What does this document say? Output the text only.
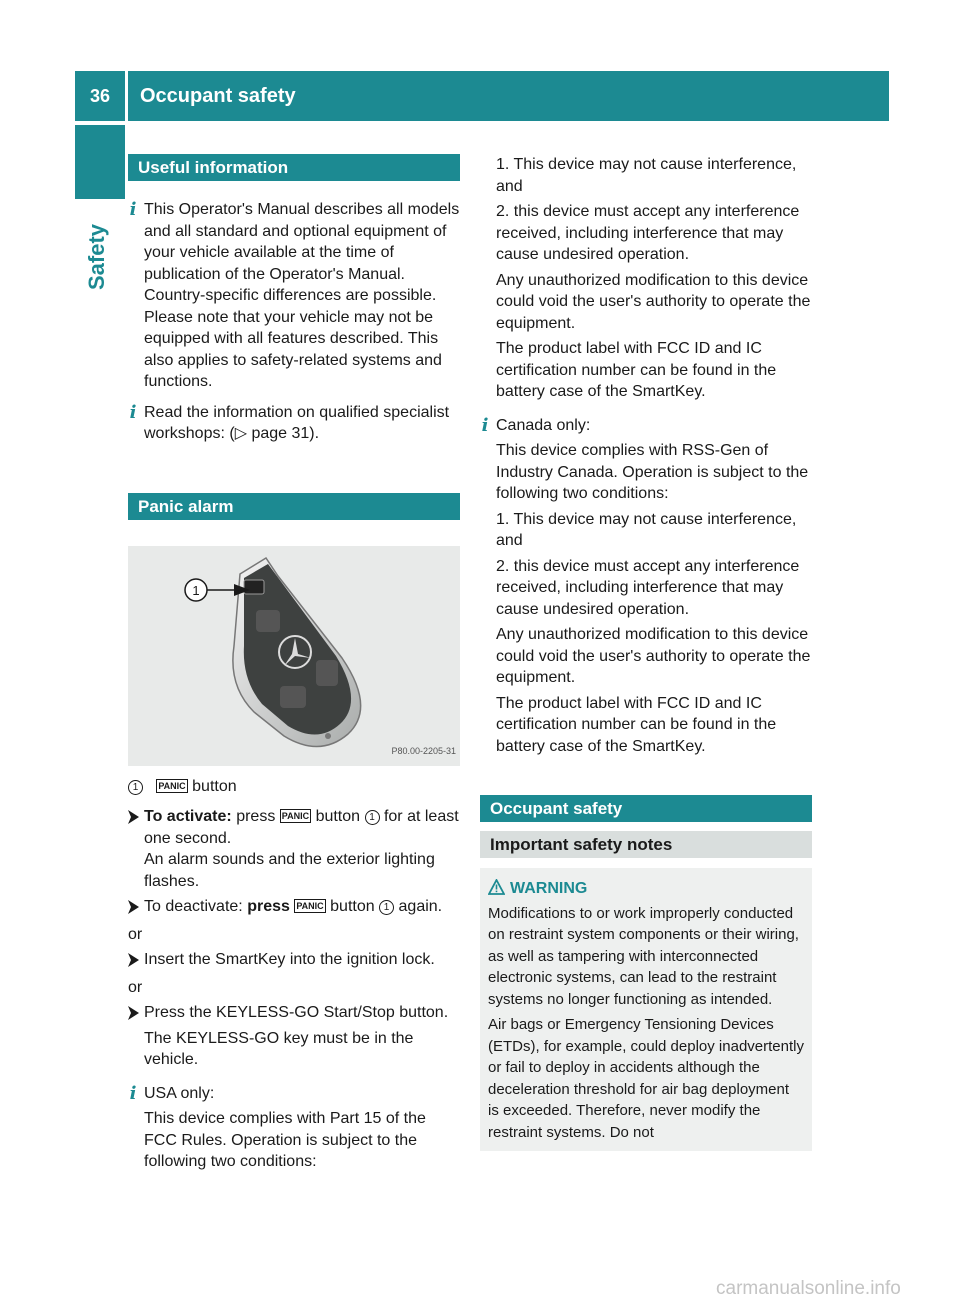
36	Occupant safety
Safety
Useful information
i This Operator's Manual describes all models and all standard and optional equipment of your vehicle available at the time of publication of the Operator's Manual. Country-specific differences are possible. Please note that your vehicle may not be equipped with all features described. This also applies to safety-related systems and functions.
i Read the information on qualified specialist workshops: (▷ page 31).
Panic alarm
1
P80.00-2205-31
1 PANIC button
To activate: press PANIC button 1 for at least one second.
An alarm sounds and the exterior lighting flashes.
To deactivate: press PANIC button 1 again.
or
Insert the SmartKey into the ignition lock.
or
Press the KEYLESS-GO Start/Stop button.
The KEYLESS-GO key must be in the vehicle.
i USA only:
This device complies with Part 15 of the FCC Rules. Operation is subject to the following two conditions:
1. This device may not cause interference, and
2. this device must accept any interference received, including interference that may cause undesired operation.
Any unauthorized modification to this device could void the user's authority to operate the equipment.
The product label with FCC ID and IC certification number can be found in the battery case of the SmartKey.
i Canada only:
This device complies with RSS-Gen of Industry Canada. Operation is subject to the following two conditions:
1. This device may not cause interference, and
2. this device must accept any interference received, including interference that may cause undesired operation.
Any unauthorized modification to this device could void the user's authority to operate the equipment.
The product label with FCC ID and IC certification number can be found in the battery case of the SmartKey.
Occupant safety
Important safety notes
WARNING
Modifications to or work improperly conducted on restraint system components or their wiring, as well as tampering with interconnected electronic systems, can lead to the restraint systems no longer functioning as intended.
Air bags or Emergency Tensioning Devices (ETDs), for example, could deploy inadvertently or fail to deploy in accidents although the deceleration threshold for air bag deployment is exceeded. Therefore, never modify the restraint systems. Do not
carmanualsonline.info
